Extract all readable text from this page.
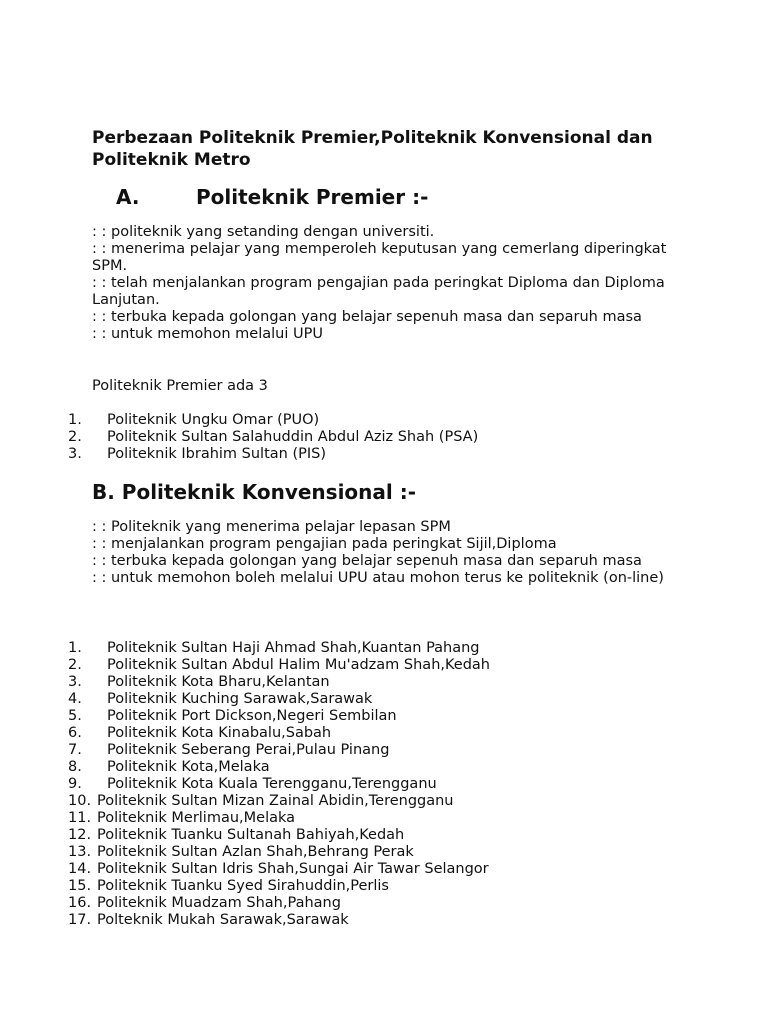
Perbezaan Politeknik Premier,Politeknik Konvensional dan Politeknik Metro
A.	Politeknik Premier :-
: : politeknik yang setanding dengan universiti.
: : menerima pelajar yang memperoleh keputusan yang cemerlang diperingkat SPM.
: : telah menjalankan program pengajian pada peringkat Diploma dan Diploma Lanjutan.
: : terbuka kepada golongan yang belajar sepenuh masa dan separuh masa
: : untuk memohon melalui UPU

Politeknik Premier ada 3

1.	Politeknik Ungku Omar (PUO)
2.	Politeknik Sultan Salahuddin Abdul Aziz Shah (PSA)
3.	Politeknik Ibrahim Sultan (PIS)
B. Politeknik Konvensional :-
: : Politeknik yang menerima pelajar lepasan SPM
: : menjalankan program pengajian pada peringkat Sijil,Diploma
: : terbuka kepada golongan yang belajar sepenuh masa dan separuh masa
: : untuk memohon boleh melalui UPU atau mohon terus ke politeknik (on-line)
1.	Politeknik Sultan Haji Ahmad Shah,Kuantan Pahang
2.	Politeknik Sultan Abdul Halim Mu'adzam Shah,Kedah
3.	Politeknik Kota Bharu,Kelantan
4.	Politeknik Kuching Sarawak,Sarawak
5.	Politeknik Port Dickson,Negeri Sembilan
6.	Politeknik Kota Kinabalu,Sabah
7.	Politeknik Seberang Perai,Pulau Pinang
8.	Politeknik Kota,Melaka
9.	Politeknik Kota Kuala Terengganu,Terengganu
10. Politeknik Sultan Mizan Zainal Abidin,Terengganu
11. Politeknik Merlimau,Melaka
12. Politeknik Tuanku Sultanah Bahiyah,Kedah
13. Politeknik Sultan Azlan Shah,Behrang Perak
14. Politeknik Sultan Idris Shah,Sungai Air Tawar Selangor
15. Politeknik Tuanku Syed Sirahuddin,Perlis
16. Politeknik Muadzam Shah,Pahang
17. Polteknik Mukah Sarawak,Sarawak
